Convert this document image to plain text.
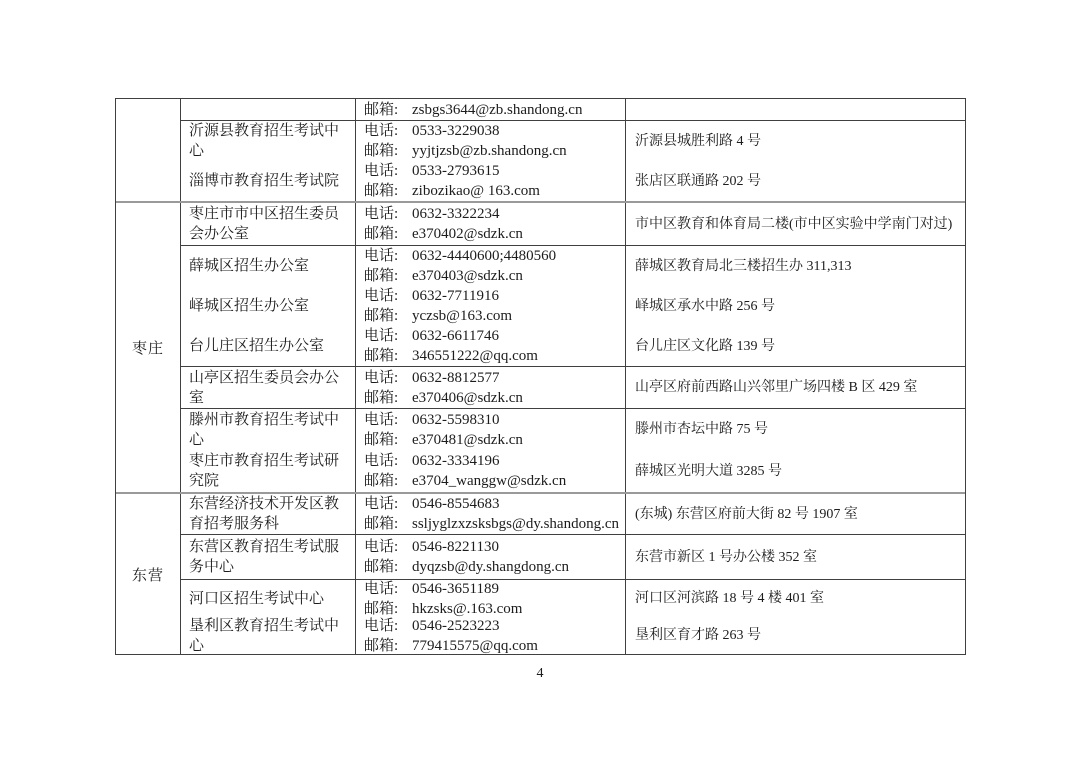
邮箱: zsbgs3644@zb.shandong.cn
沂源县教育招生考试中心
电话: 0533-3229038
邮箱: yyjtjzsb@zb.shandong.cn
沂源县城胜利路 4 号
淄博市教育招生考试院
电话: 0533-2793615
邮箱: zibozikao@ 163.com
张店区联通路 202 号
枣庄
枣庄市市中区招生委员会办公室
电话: 0632-3322234
邮箱: e370402@sdzk.cn
市中区教育和体育局二楼(市中区实验中学南门对过)
薛城区招生办公室
电话: 0632-4440600;4480560
邮箱: e370403@sdzk.cn
薛城区教育局北三楼招生办 311,313
峄城区招生办公室
电话: 0632-7711916
邮箱: yczsb@163.com
峄城区承水中路 256 号
台儿庄区招生办公室
电话: 0632-6611746
邮箱: 346551222@qq.com
台儿庄区文化路 139 号
山亭区招生委员会办公室
电话: 0632-8812577
邮箱: e370406@sdzk.cn
山亭区府前西路山兴邻里广场四楼 B 区 429 室
滕州市教育招生考试中心
电话: 0632-5598310
邮箱: e370481@sdzk.cn
滕州市杏坛中路 75 号
枣庄市教育招生考试研究院
电话: 0632-3334196
邮箱: e3704_wanggw@sdzk.cn
薛城区光明大道 3285 号
东营
东营经济技术开发区教育招考服务科
电话: 0546-8554683
邮箱: ssljyglzxzsksbgs@dy.shandong.cn
(东城) 东营区府前大街 82 号 1907 室
东营区教育招生考试服务中心
电话: 0546-8221130
邮箱: dyqzsb@dy.shangdong.cn
东营市新区 1 号办公楼 352 室
河口区招生考试中心
电话: 0546-3651189
邮箱: hkzsks@.163.com
河口区河滨路 18 号 4 楼 401 室
垦利区教育招生考试中心
电话: 0546-2523223
邮箱: 779415575@qq.com
垦利区育才路 263 号
4
